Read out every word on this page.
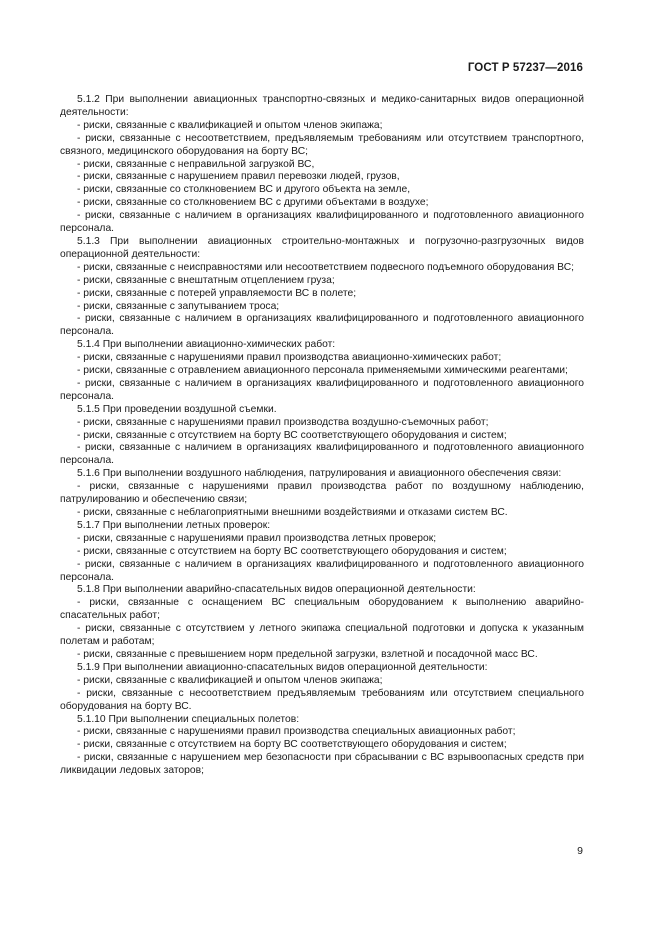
ГОСТ Р 57237—2016

5.1.2 При выполнении авиационных транспортно-связных и медико-санитарных видов операционной деятельности:

- риски, связанные с квалификацией и опытом членов экипажа;

- риски, связанные с несоответствием, предъявляемым требованиям или отсутствием транспортного, связного, медицинского оборудования на борту ВС;

- риски, связанные с неправильной загрузкой ВС,

- риски, связанные с нарушением правил перевозки людей, грузов,

- риски, связанные со столкновением ВС и другого объекта на земле,

- риски, связанные со столкновением ВС с другими объектами в воздухе;

- риски, связанные с наличием в организациях квалифицированного и подготовленного авиационного персонала.

5.1.3 При выполнении авиационных строительно-монтажных и погрузочно-разгрузочных видов операционной деятельности:

- риски, связанные с неисправностями или несоответствием подвесного подъемного оборудования ВС;

- риски, связанные с внештатным отцеплением груза;

- риски, связанные с потерей управляемости ВС в полете;

- риски, связанные с запутыванием троса;

- риски, связанные с наличием в организациях квалифицированного и подготовленного авиационного персонала.

5.1.4 При выполнении авиационно-химических работ:

- риски, связанные с нарушениями правил производства авиационно-химических работ;

- риски, связанные с отравлением авиационного персонала применяемыми химическими реагентами;

- риски, связанные с наличием в организациях квалифицированного и подготовленного авиационного персонала.

5.1.5 При проведении воздушной съемки.

- риски, связанные с нарушениями правил производства воздушно-съемочных работ;

- риски, связанные с отсутствием на борту ВС соответствующего оборудования и систем;

- риски, связанные с наличием в организациях квалифицированного и подготовленного авиационного персонала.

5.1.6 При выполнении воздушного наблюдения, патрулирования и авиационного обеспечения связи:

- риски, связанные с нарушениями правил производства работ по воздушному наблюдению, патрулированию и обеспечению связи;

- риски, связанные с неблагоприятными внешними воздействиями и отказами систем ВС.

5.1.7 При выполнении летных проверок:

- риски, связанные с нарушениями правил производства летных проверок;

- риски, связанные с отсутствием на борту ВС соответствующего оборудования и систем;

- риски, связанные с наличием в организациях квалифицированного и подготовленного авиационного персонала.

5.1.8 При выполнении аварийно-спасательных видов операционной деятельности:

- риски, связанные с оснащением ВС специальным оборудованием к выполнению аварийно-спасательных работ;

- риски, связанные с отсутствием у летного экипажа специальной подготовки и допуска к указанным полетам и работам;

- риски, связанные с превышением норм предельной загрузки, взлетной и посадочной масс ВС.

5.1.9 При выполнении авиационно-спасательных видов операционной деятельности:

- риски, связанные с квалификацией и опытом членов экипажа;

- риски, связанные с несоответствием предъявляемым требованиям или отсутствием специального оборудования на борту ВС.

5.1.10 При выполнении специальных полетов:

- риски, связанные с нарушениями правил производства специальных авиационных работ;

- риски, связанные с отсутствием на борту ВС соответствующего оборудования и систем;

- риски, связанные с нарушением мер безопасности при сбрасывании с ВС взрывоопасных средств при ликвидации ледовых заторов;

9
